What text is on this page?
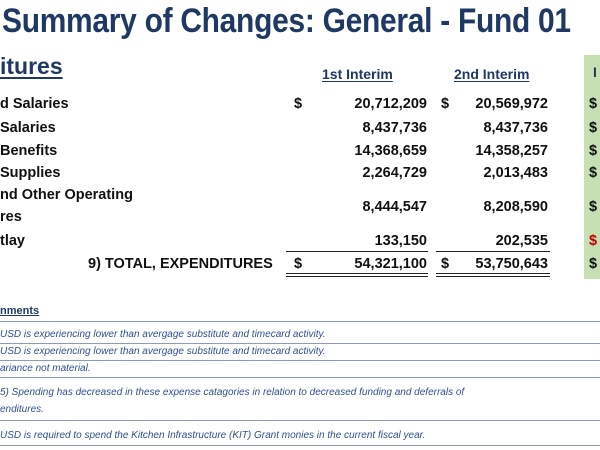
Summary of Changes: General - Fund 01
itures	1st Interim	2nd Interim	I
d Salaries	$	20,712,209 $ 20,569,972	$
Salaries	8,437,736	8,437,736	$
Benefits	14,368,659	14,358,257	$
Supplies	2,264,729	2,013,483	$
nd Other Operating
res
8,444,547	8,208,590	$
tlay	133,150	202,535	$
9) TOTAL, EXPENDITURES $	54,321,100 $ 53,750,643	$
nments
USD is experiencing lower than avergage substitute and timecard activity.
USD is experiencing lower than avergage substitute and timecard activity.
ariance not material.
5) Spending has decreased in these expense catagories in relation to decreased funding and deferrals of
enditures.
USD is required to spend the Kitchen Infrastructure (KIT) Grant monies in the current fiscal year.
